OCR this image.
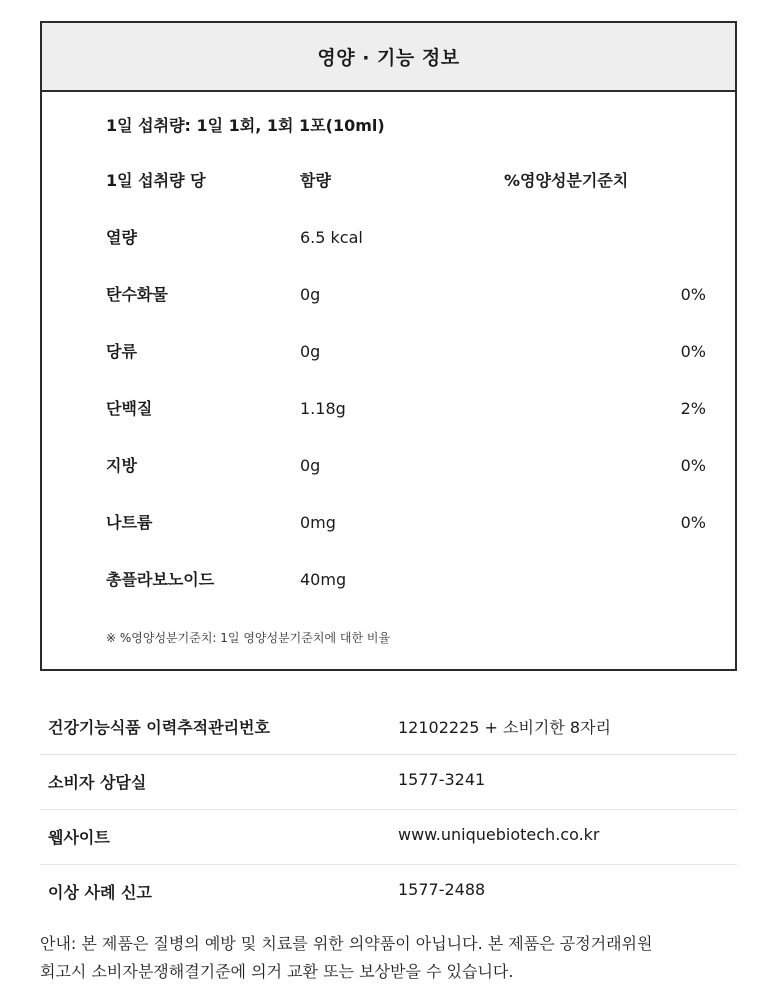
영양 · 기능 정보
1일 섭취량: 1일 1회, 1회 1포(10ml)
1일 섭취량 당	함량	%영양성분기준치
열량	6.5 kcal
탄수화물	0g	0%
당류	0g	0%
단백질	1.18g	2%
지방	0g	0%
나트륨	0mg	0%
총플라보노이드	40mg
※ %영양성분기준치: 1일 영양성분기준치에 대한 비율
건강기능식품 이력추적관리번호	12102225 + 소비기한 8자리
소비자 상담실	1577-3241
웹사이트	www.uniquebiotech.co.kr
이상 사례 신고	1577-2488
안내: 본 제품은 질병의 예방 및 치료를 위한 의약품이 아닙니다. 본 제품은 공정거래위원
회고시 소비자분쟁해결기준에 의거 교환 또는 보상받을 수 있습니다.
